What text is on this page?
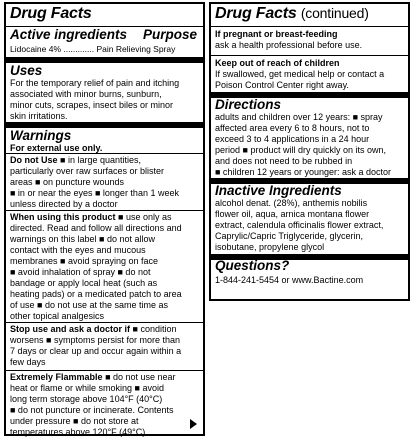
Drug Facts
Active ingredients Purpose
Lidocaine 4% ............. Pain Relieving Spray
Uses
For the temporary relief of pain and itching
associated with minor burns, sunburn,
minor cuts, scrapes, insect biles or minor
skin irritations.
Warnings
For external use only.
Do not Use ■ in large quantities,
particularly over raw surfaces or blister
areas ■ on puncture wounds
■ in or near the eyes ■ longer than 1 week
unless directed by a doctor
When using this product ■ use only as
directed. Read and follow all directions and
warnings on this label ■ do not allow
contact with the eyes and mucous
membranes ■ avoid spraying on face
■ avoid inhalation of spray ■ do not
bandage or apply local heat (such as
heating pads) or a medicated patch to area
of use ■ do not use at the same time as
other topical analgesics
Stop use and ask a doctor if ■ condition
worsens ■ symptoms persist for more than
7 days or clear up and occur again within a
few days
Extremely Flammable ■ do not use near
heat or flame or while smoking ■ avoid
long term storage above 104°F (40°C)
■ do not puncture or incinerate. Contents
under pressure ■ do not store at
temperatures above 120°F (49°C)
Drug Facts (continued)
If pregnant or breast-feeding
ask a health professional before use.
Keep out of reach of children
If swallowed, get medical help or contact a
Poison Control Center right away.
Directions
adults and children over 12 years: ■ spray
affected area every 6 to 8 hours, not to
exceed 3 to 4 applications in a 24 hour
period ■ product will dry quickly on its own,
and does not need to be rubbed in
■ children 12 years or younger: ask a doctor
Inactive Ingredients
alcohol denat. (28%), anthemis nobilis
flower oil, aqua, arnica montana flower
extract, calendula officinalis flower extract,
Caprylic/Capric Triglyceride, glycerin,
isobutane, propylene glycol
Questions?
1-844-241-5454 or www.Bactine.com
